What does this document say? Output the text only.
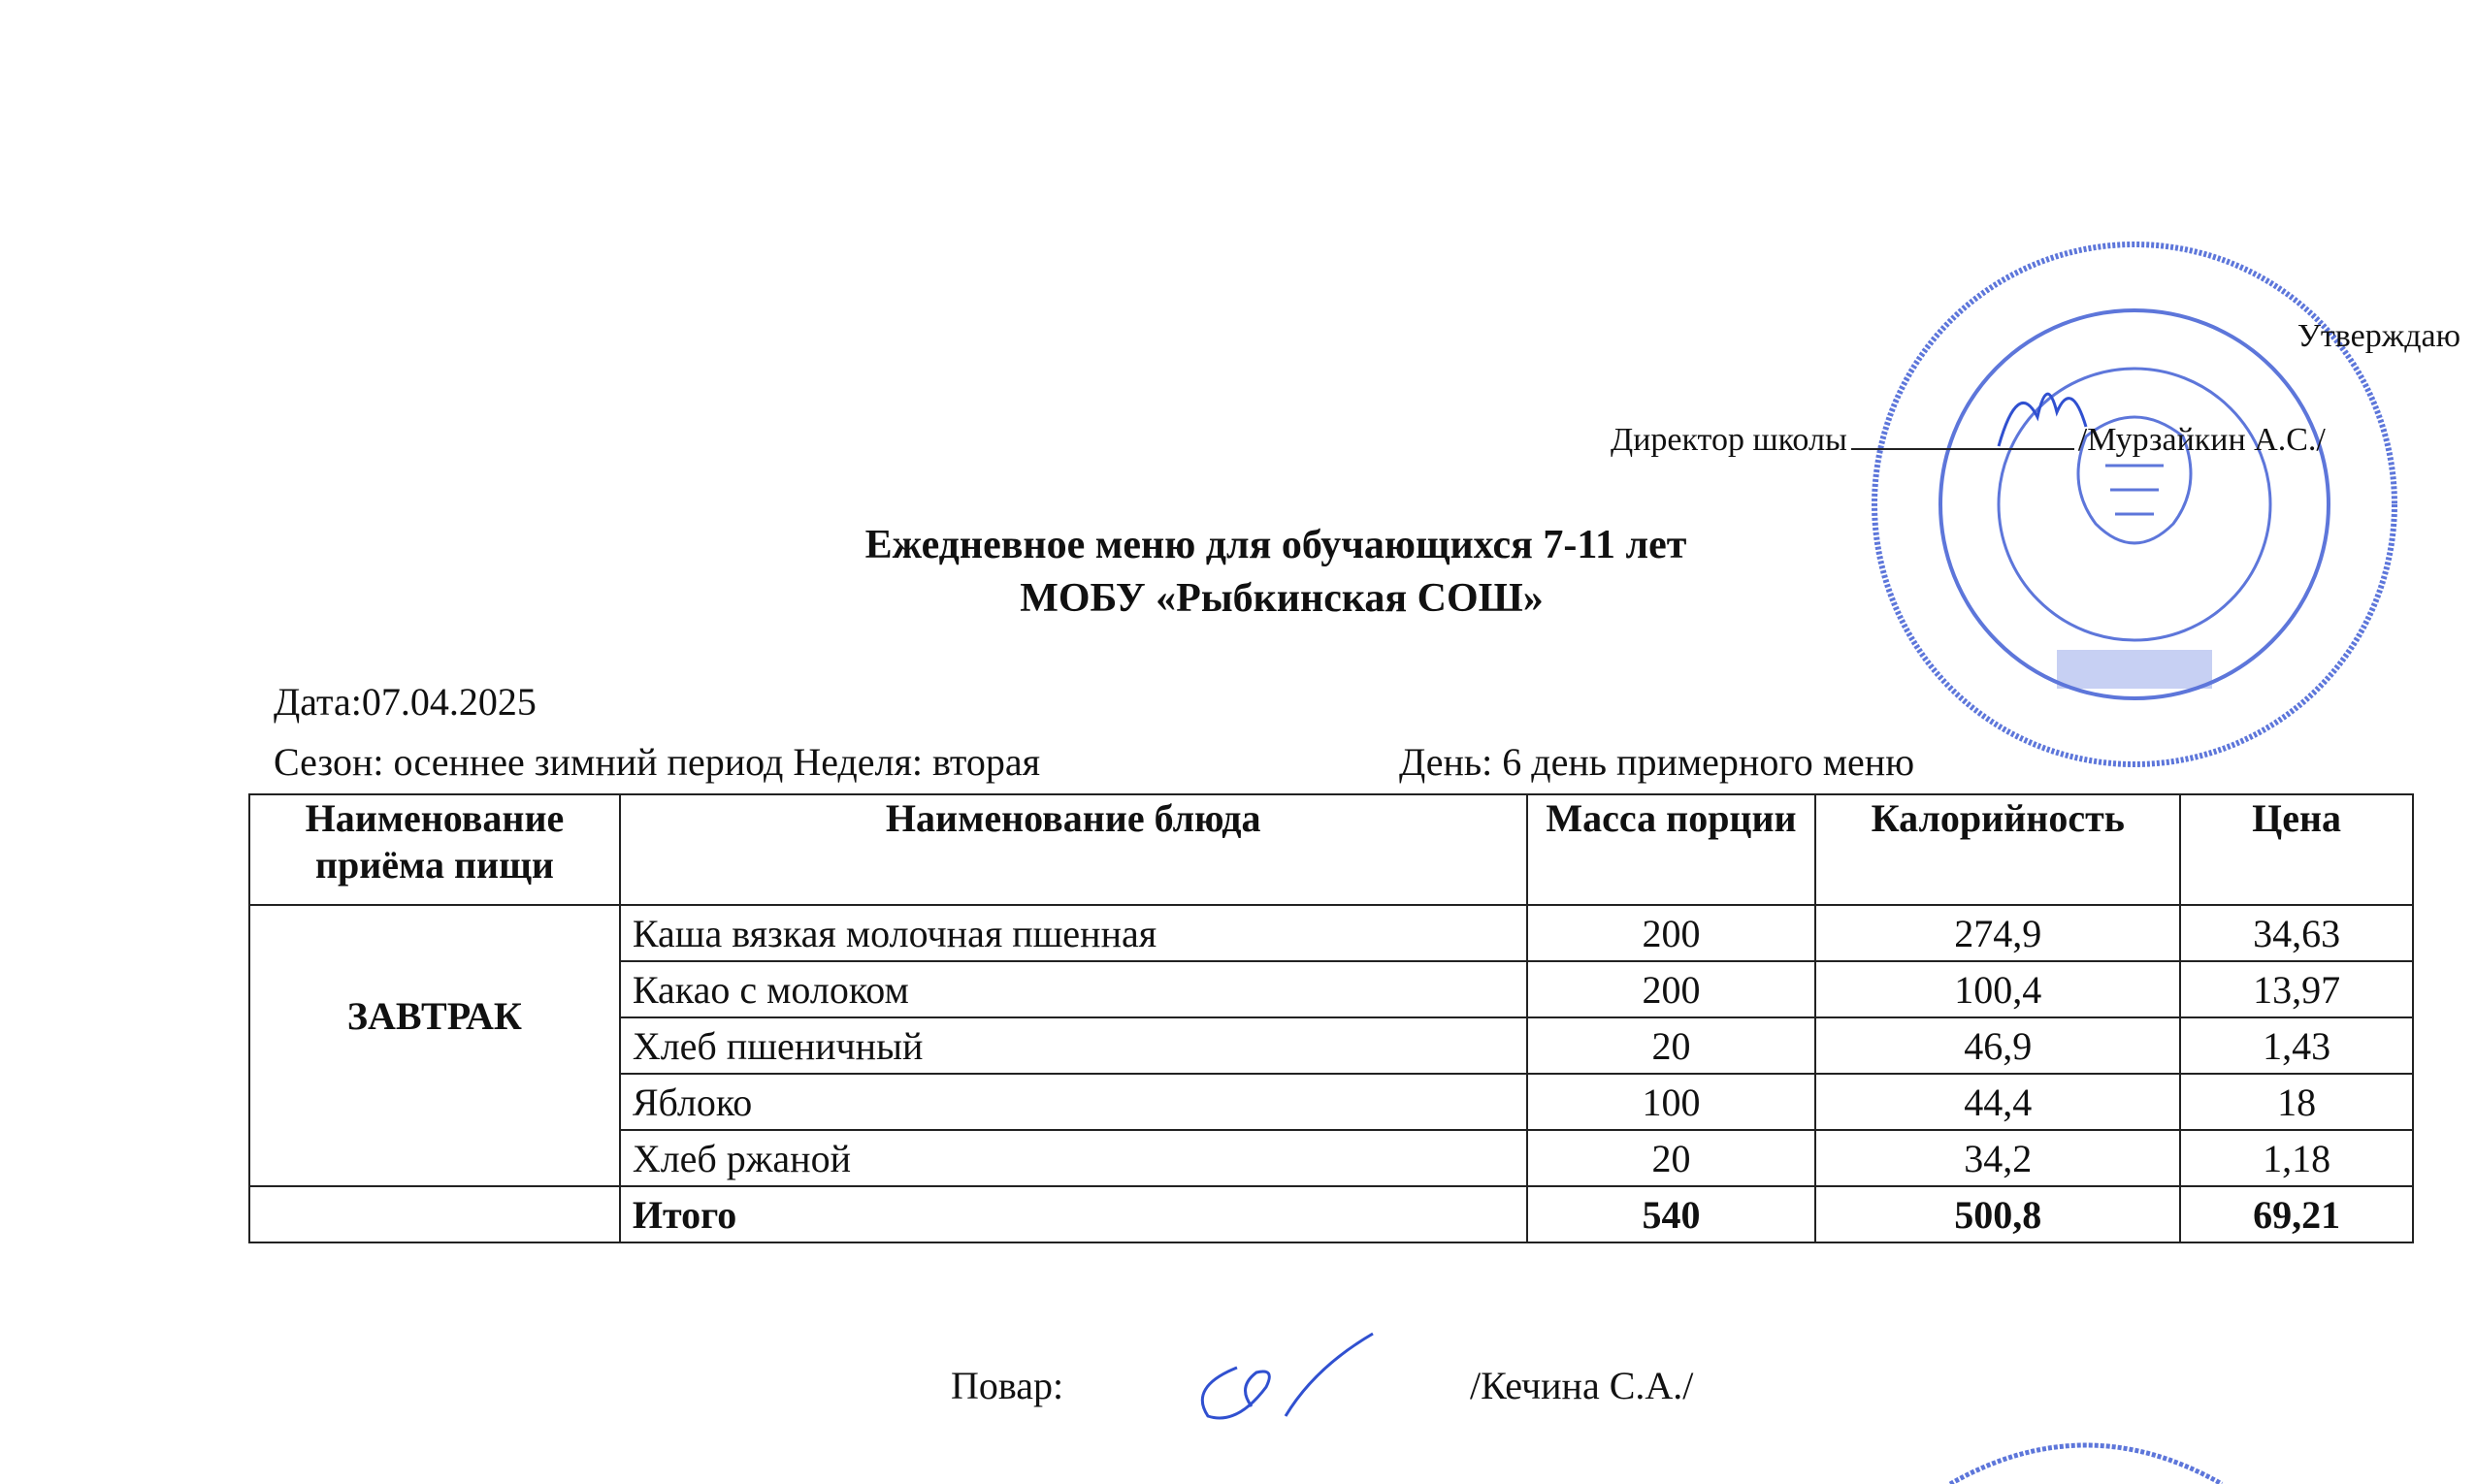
Утверждаю
Директор школы	/Мурзайкин А.С./
Ежедневное меню для обучающихся 7-11 лет
МОБУ «Рыбкинская СОШ»
Дата:07.04.2025
Сезон: осеннее зимний период Неделя: вторая	День: 6 день примерного меню
Наименование приёма пищи	Наименование блюда	Масса порции	Калорийность	Цена
ЗАВТРАК	Каша вязкая молочная пшенная	200	274,9	34,63
	Какао с молоком	200	100,4	13,97
	Хлеб пшеничный	20	46,9	1,43
	Яблоко	100	44,4	18
	Хлеб ржаной	20	34,2	1,18
	Итого	540	500,8	69,21
Повар:	/Кечина С.А./
